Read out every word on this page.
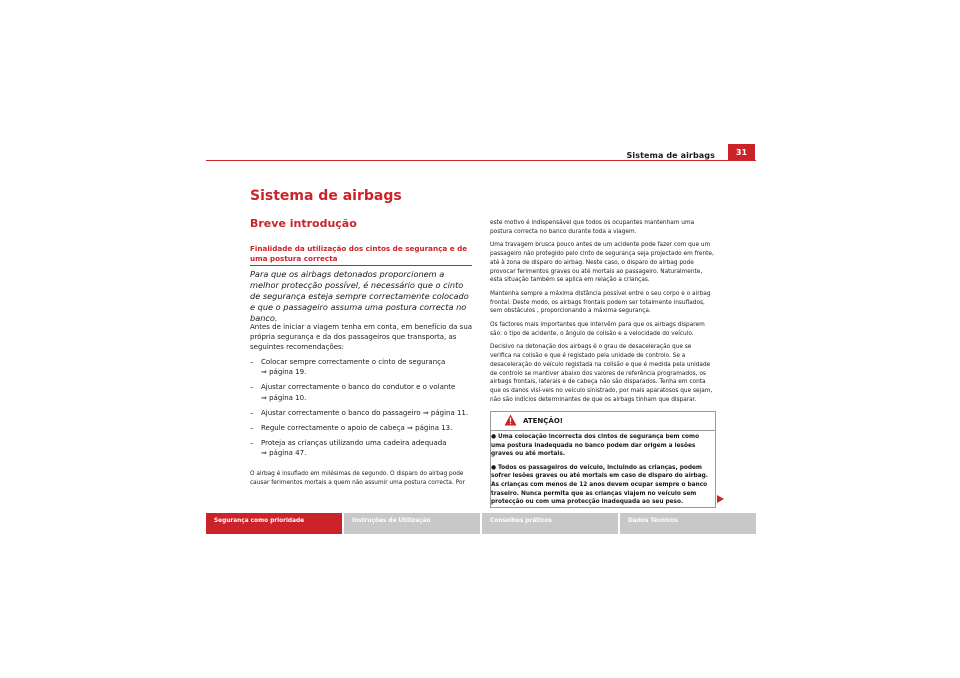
Sistema de airbags	31
Sistema de airbags
Breve introdução
Finalidade da utilização dos cintos de segurança e de uma postura correcta
Para que os airbags detonados proporcionem a melhor protecção possível, é necessário que o cinto de segurança esteja sempre correctamente colocado e que o passageiro assuma uma postura correcta no banco.
Antes de iniciar a viagem tenha em conta, em benefício da sua própria segurança e da dos passageiros que transporta, as seguintes recomendações:
– Colocar sempre correctamente o cinto de segurança
⇒ página 19.
– Ajustar correctamente o banco do condutor e o volante
⇒ página 10.
– Ajustar correctamente o banco do passageiro ⇒ página 11.
– Regule correctamente o apoio de cabeça ⇒ página 13.
– Proteja as crianças utilizando uma cadeira adequada
⇒ página 47.
O airbag é insuflado em milésimas de segundo. O disparo do airbag pode causar ferimentos mortais a quem não assumir uma postura correcta. Por

este motivo é indispensável que todos os ocupantes mantenham uma postura correcta no banco durante toda a viagem.

Uma travagem brusca pouco antes de um acidente pode fazer com que um passageiro não protegido pelo cinto de segurança seja projectado em frente, até à zona de disparo do airbag. Neste caso, o disparo do airbag pode provocar ferimentos graves ou até mortais ao passageiro. Naturalmente, esta situação também se aplica em relação a crianças.

Mantenha sempre a máxima distância possível entre o seu corpo e o airbag frontal. Deste modo, os airbags frontais podem ser totalmente insuflados, sem obstáculos , proporcionando a máxima segurança.

Os factores mais importantes que intervêm para que os airbags disparem são: o tipo de acidente, o ângulo de colisão e a velocidade do veículo.

Decisivo na detonação dos airbags é o grau de desaceleração que se verifica na colisão e que é registado pela unidade de controlo. Se a desaceleração do veículo registada na colisão e que é medida pela unidade de controlo se mantiver abaixo dos valores de referência programados, os airbags frontais, laterais e de cabeça não são disparados. Tenha em conta que os danos visí-veis no veículo sinistrado, por mais aparatosos que sejam, não são indícios determinantes de que os airbags tinham que disparar.

ATENÇÃO!
● Uma colocação incorrecta dos cintos de segurança bem como uma postura inadequada no banco podem dar origem a lesões graves ou até mortais.
● Todos os passageiros do veículo, incluindo as crianças, podem sofrer lesões graves ou até mortais em caso de disparo do airbag. As crianças com menos de 12 anos devem ocupar sempre o banco traseiro. Nunca permita que as crianças viajem no veículo sem protecção ou com uma protecção inadequada ao seu peso.
Segurança como prioridade	Instruções de Utilização	Conselhos práticos	Dados Técnicos
